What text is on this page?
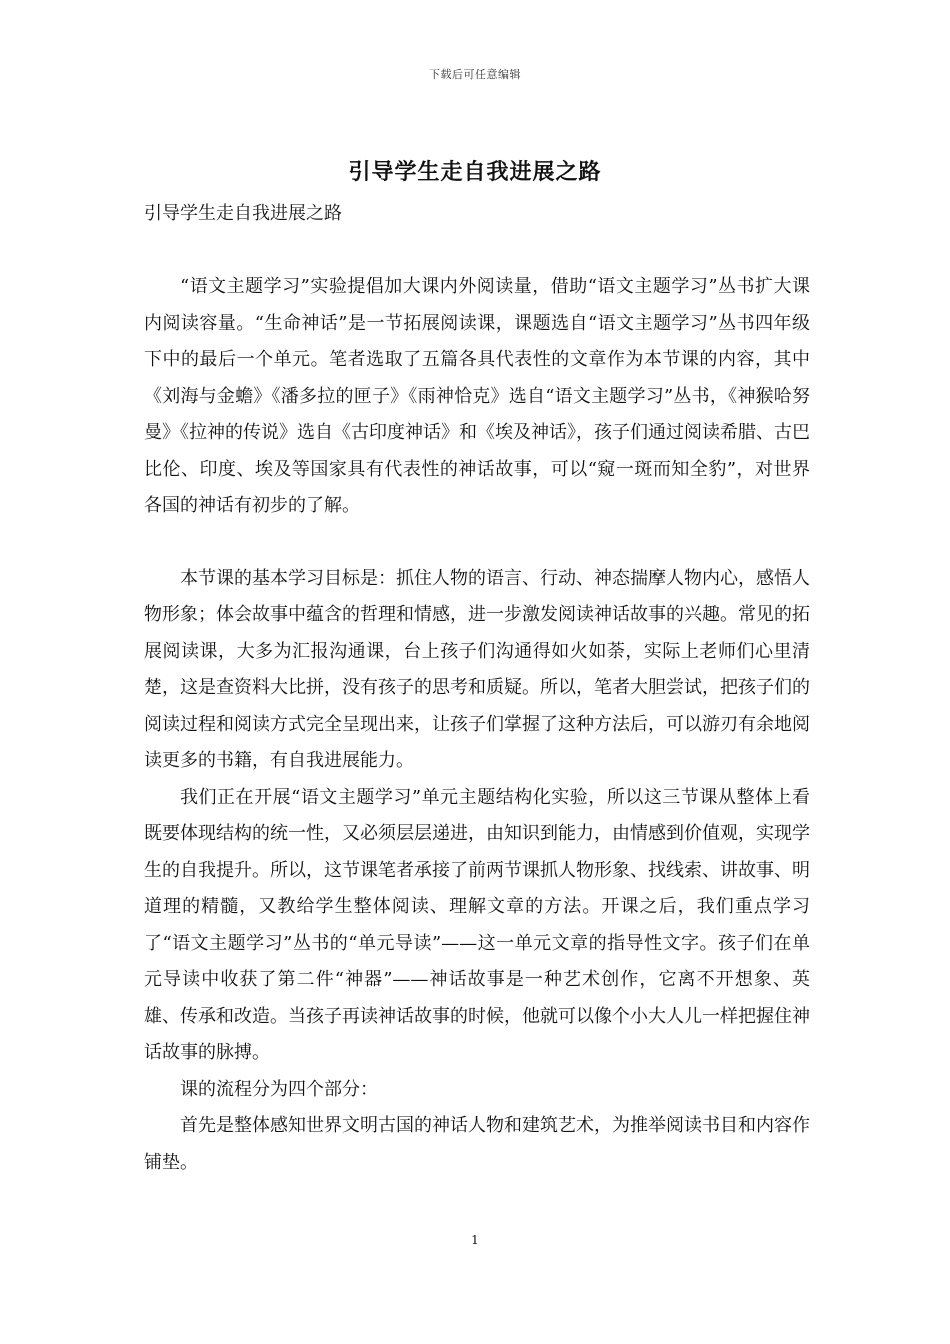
下载后可任意编辑
引导学生走自我进展之路
引导学生走自我进展之路

“语文主题学习”实验提倡加大课内外阅读量，借助“语文主题学习”丛书扩大课内阅读容量。“生命神话”是一节拓展阅读课，课题选自“语文主题学习”丛书四年级下中的最后一个单元。笔者选取了五篇各具代表性的文章作为本节课的内容，其中《刘海与金蟾》《潘多拉的匣子》《雨神恰克》选自“语文主题学习”丛书，《神猴哈努曼》《拉神的传说》选自《古印度神话》和《埃及神话》，孩子们通过阅读希腊、古巴比伦、印度、埃及等国家具有代表性的神话故事，可以“窥一斑而知全豹”，对世界各国的神话有初步的了解。

本节课的基本学习目标是：抓住人物的语言、行动、神态揣摩人物内心，感悟人物形象；体会故事中蕴含的哲理和情感，进一步激发阅读神话故事的兴趣。常见的拓展阅读课，大多为汇报沟通课，台上孩子们沟通得如火如荼，实际上老师们心里清楚，这是查资料大比拼，没有孩子的思考和质疑。所以，笔者大胆尝试，把孩子们的阅读过程和阅读方式完全呈现出来，让孩子们掌握了这种方法后，可以游刃有余地阅读更多的书籍，有自我进展能力。

我们正在开展“语文主题学习”单元主题结构化实验，所以这三节课从整体上看既要体现结构的统一性，又必须层层递进，由知识到能力，由情感到价值观，实现学生的自我提升。所以，这节课笔者承接了前两节课抓人物形象、找线索、讲故事、明道理的精髓，又教给学生整体阅读、理解文章的方法。开课之后，我们重点学习了“语文主题学习”丛书的“单元导读”——这一单元文章的指导性文字。孩子们在单元导读中收获了第二件“神器”——神话故事是一种艺术创作，它离不开想象、英雄、传承和改造。当孩子再读神话故事的时候，他就可以像个小大人儿一样把握住神话故事的脉搏。

课的流程分为四个部分：

首先是整体感知世界文明古国的神话人物和建筑艺术，为推举阅读书目和内容作铺垫。

1
